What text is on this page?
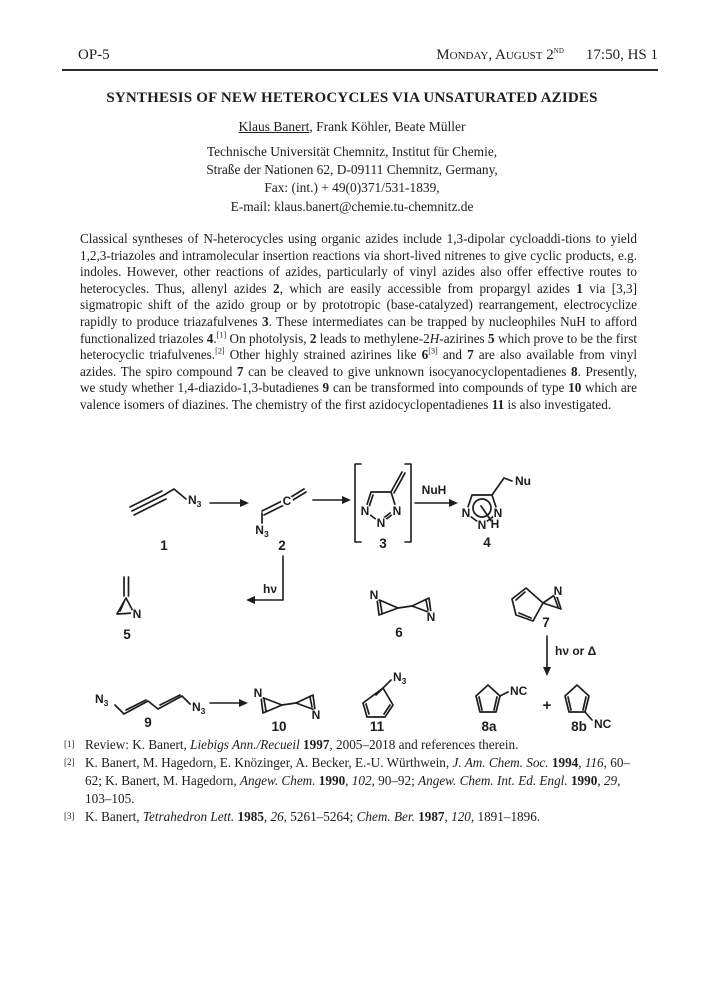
OP-5	Monday, August 2nd 17:50, HS 1
SYNTHESIS OF NEW HETEROCYCLES VIA UNSATURATED AZIDES
Klaus Banert, Frank Köhler, Beate Müller
Technische Universität Chemnitz, Institut für Chemie,
Straße der Nationen 62, D-09111 Chemnitz, Germany,
Fax: (int.) + 49(0)371/531-1839,
E-mail: klaus.banert@chemie.tu-chemnitz.de
Classical syntheses of N-heterocycles using organic azides include 1,3-dipolar cycloaddi-tions to yield 1,2,3-triazoles and intramolecular insertion reactions via short-lived nitrenes to give cyclic products, e.g. indoles. However, other reactions of azides, particularly of vinyl azides also offer effective routes to heterocycles. Thus, allenyl azides 2, which are easily accessible from propargyl azides 1 via [3,3] sigmatropic shift of the azido group or by prototropic (base-catalyzed) rearrangement, electrocyclize rapidly to produce triazafulvenes 3. These intermediates can be trapped by nucleophiles NuH to afford functionalized triazoles 4.[1] On photolysis, 2 leads to methylene-2H-azirines 5 which prove to be the first heterocyclic triafulvenes.[2] Other highly strained azirines like 6[3] and 7 are also available from vinyl azides. The spiro compound 7 can be cleaved to give unknown isocyanocyclopentadienes 8. Presently, we study whether 1,4-diazido-1,3-butadienes 9 can be transformed into compounds of type 10 which are valence isomers of diazines. The chemistry of the first azidocyclopentadienes 11 is also investigated.
$N_3$
1
C
$N_3$
2
N
N
N
3
NuH
N
N
N
H
Nu
4
hν
N
5
N
N
6
N
7
hν or Δ
$N_3$	$N_3$
9
N
N
10
$N_3$
11
NC
8a
+
NC
8b
[1] Review: K. Banert, Liebigs Ann./Recueil 1997, 2005–2018 and references therein.
[2] K. Banert, M. Hagedorn, E. Knözinger, A. Becker, E.-U. Würthwein, J. Am. Chem. Soc. 1994, 116, 60–62; K. Banert, M. Hagedorn, Angew. Chem. 1990, 102, 90–92; Angew. Chem. Int. Ed. Engl. 1990, 29, 103–105.
[3] K. Banert, Tetrahedron Lett. 1985, 26, 5261–5264; Chem. Ber. 1987, 120, 1891–1896.
